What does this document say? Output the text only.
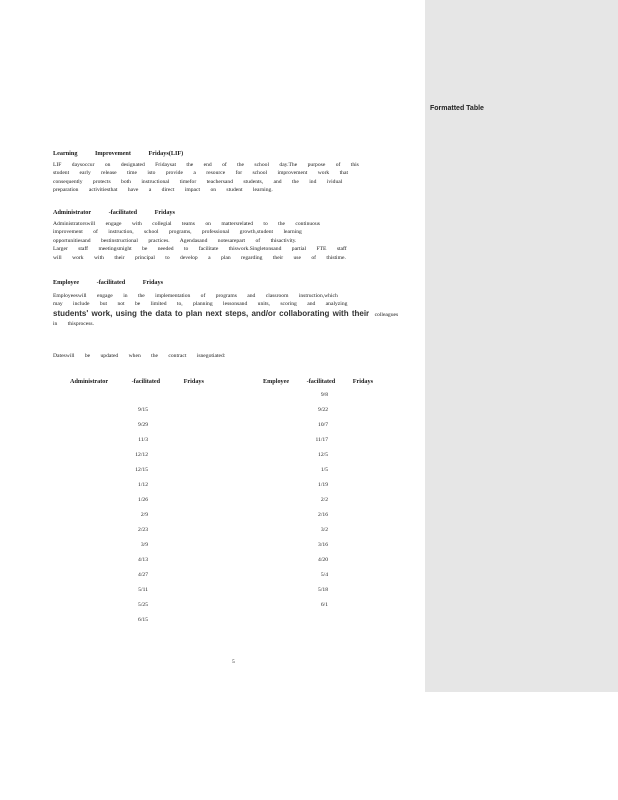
Learning Improvement Fridays(LIF)
LIF daysoccur on designated Fridaysat the end of the school day.The purpose of this
student early release time isto provide a resource for school improvement work that
consequently protects both instructional timefor teachersand students, and the ind ividual
preparation activitiesthat have a direct impact on student learning.
Administrator -facilitated Fridays
Administratorswill engage with collegial teams on mattersrelated to the continuous
improvement of instruction, school programs, professional growth,student learning
opportunitiesand bestinstructional practices. Agendasand notesarepart of thisactivity.
Larger staff meetingsmight be needed to facilitate thiswork.Singletonsand partial FTE staff
will work with their principal to develop a plan regarding their use of thistime.
Employee -facilitated Fridays
Employeeswill engage in the implementation of programs and classroom instruction,which
may include but not be limited to, planning lessonsand units, scoring and analyzing
students' work, using the data to plan next steps, and/or collaborating with their colleagues
in thisprocess.
Dateswill be updated when the contract isnegotiated:
Administrator -facilitated Fridays	Employee -facilitated Fridays
9/15
9/29
11/3
12/12
12/15
1/12
1/26
2/9
2/23
3/9
4/13
4/27
5/11
5/25
6/15
9/8
9/22
10/7
11/17
12/5
1/5
1/19
2/2
2/16
3/2
3/16
4/20
5/4
5/18
6/1
5
Formatted Table
